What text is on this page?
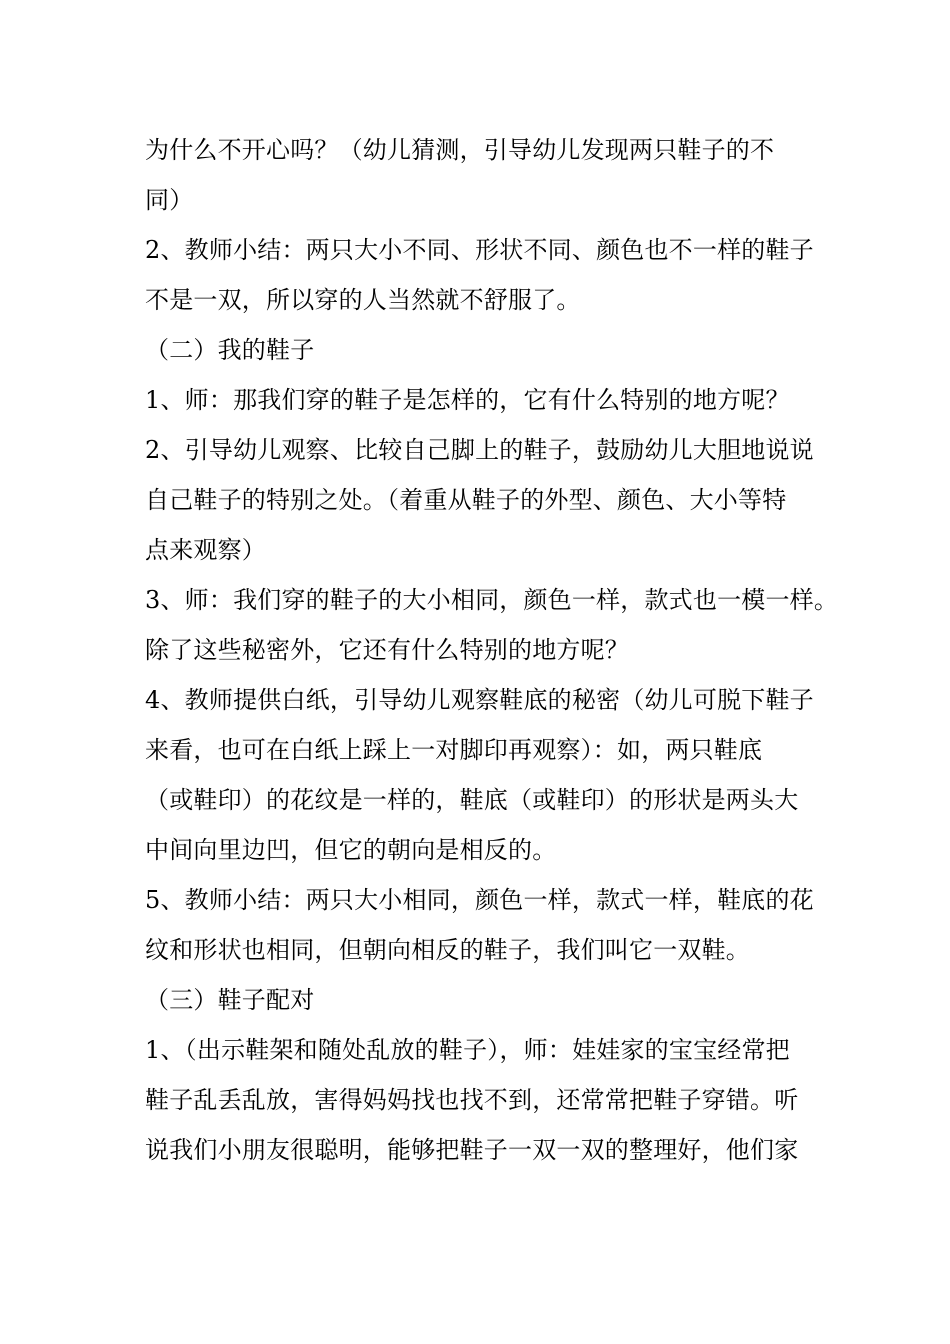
为什么不开心吗？（幼儿猜测，引导幼儿发现两只鞋子的不
同）
2、教师小结：两只大小不同、形状不同、颜色也不一样的鞋子
不是一双，所以穿的人当然就不舒服了。
（二）我的鞋子
1、师：那我们穿的鞋子是怎样的，它有什么特别的地方呢？
2、引导幼儿观察、比较自己脚上的鞋子，鼓励幼儿大胆地说说
自己鞋子的特别之处。（着重从鞋子的外型、颜色、大小等特
点来观察）
3、师：我们穿的鞋子的大小相同，颜色一样，款式也一模一样。
除了这些秘密外，它还有什么特别的地方呢？
4、教师提供白纸，引导幼儿观察鞋底的秘密（幼儿可脱下鞋子
来看，也可在白纸上踩上一对脚印再观察）：如，两只鞋底
（或鞋印）的花纹是一样的，鞋底（或鞋印）的形状是两头大
中间向里边凹，但它的朝向是相反的。
5、教师小结：两只大小相同，颜色一样，款式一样，鞋底的花
纹和形状也相同，但朝向相反的鞋子，我们叫它一双鞋。
（三）鞋子配对
1、（出示鞋架和随处乱放的鞋子），师：娃娃家的宝宝经常把
鞋子乱丢乱放，害得妈妈找也找不到，还常常把鞋子穿错。听
说我们小朋友很聪明，能够把鞋子一双一双的整理好，他们家
